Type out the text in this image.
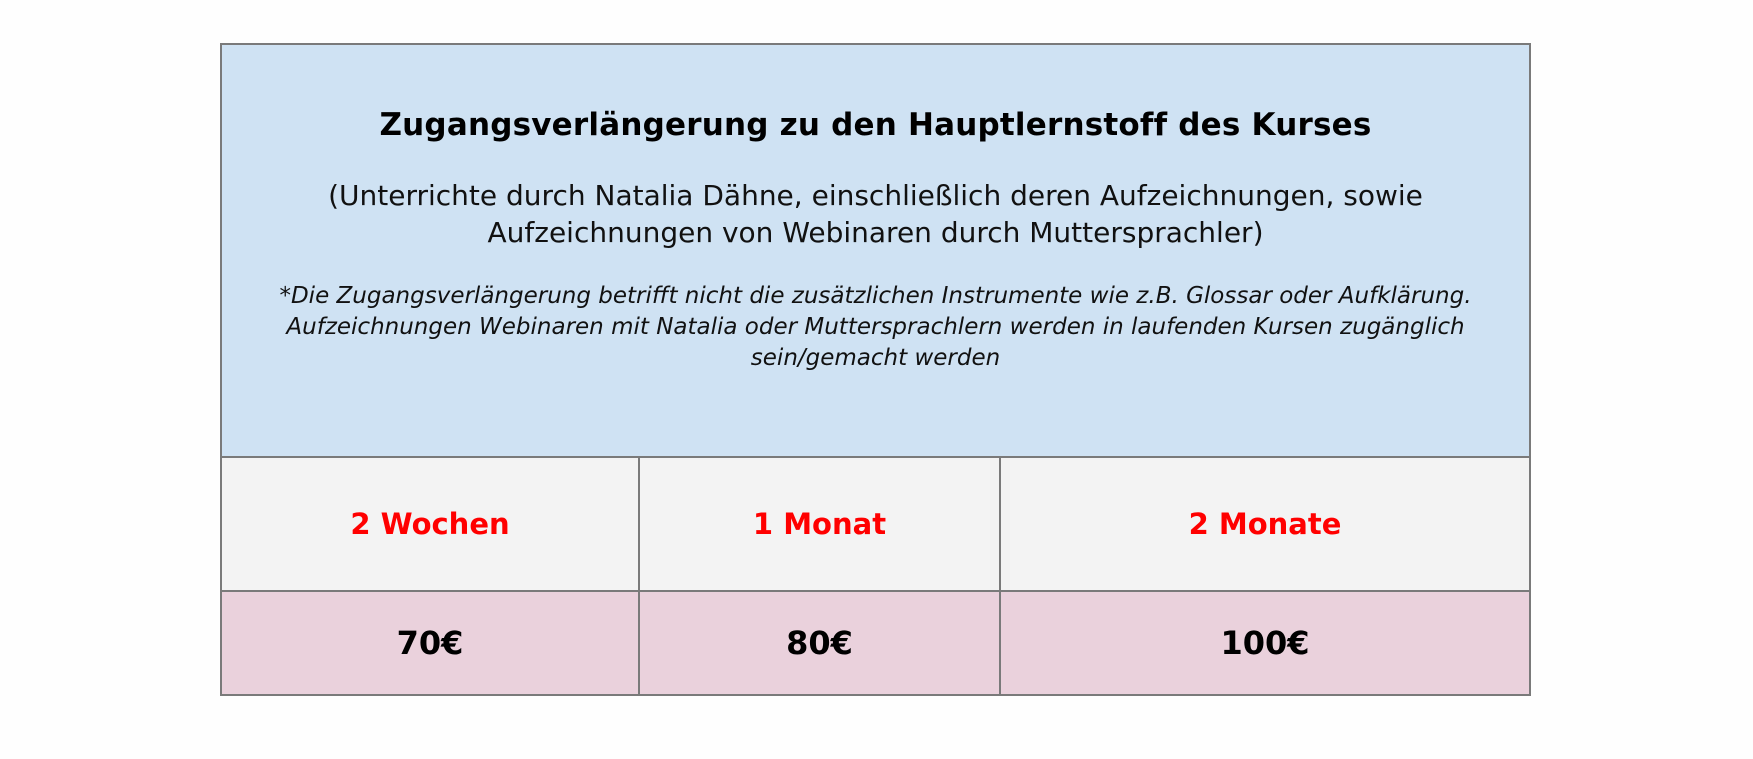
Zugangsverlängerung zu den Hauptlernstoff des Kurses
(Unterrichte durch Natalia Dähne, einschließlich deren Aufzeichnungen, sowie Aufzeichnungen von Webinaren durch Muttersprachler)
*Die Zugangsverlängerung betrifft nicht die zusätzlichen Instrumente wie z.B. Glossar oder Aufklärung. Aufzeichnungen Webinaren mit Natalia oder Muttersprachlern werden in laufenden Kursen zugänglich sein/gemacht werden
2 Wochen	1 Monat	2 Monate
70€	80€	100€
